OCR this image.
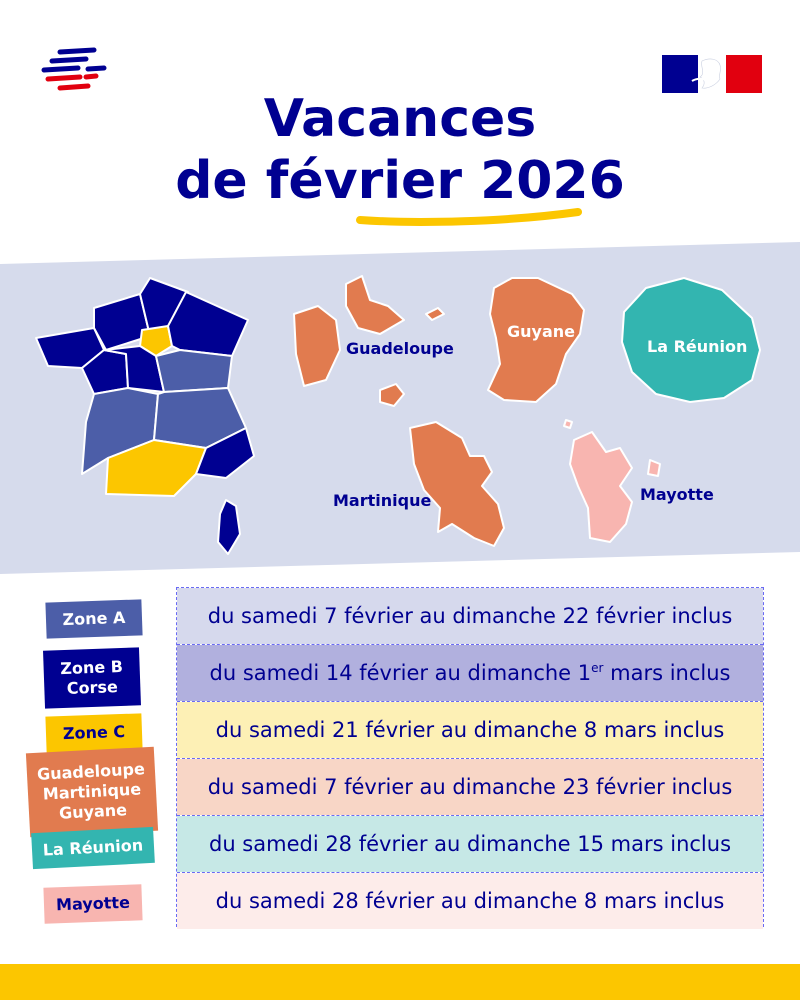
Vacances
de février 2026
Guadeloupe
Guyane
La Réunion
Martinique	Mayotte
Zone A
Zone B
Corse
Zone C
Guadeloupe
Martinique
Guyane
La Réunion
Mayotte
du samedi 7 février au dimanche 22 février inclus
du samedi 14 février au dimanche 1er mars inclus
du samedi 21 février au dimanche 8 mars inclus
du samedi 7 février au dimanche 23 février inclus
du samedi 28 février au dimanche 15 mars inclus
du samedi 28 février au dimanche 8 mars inclus
